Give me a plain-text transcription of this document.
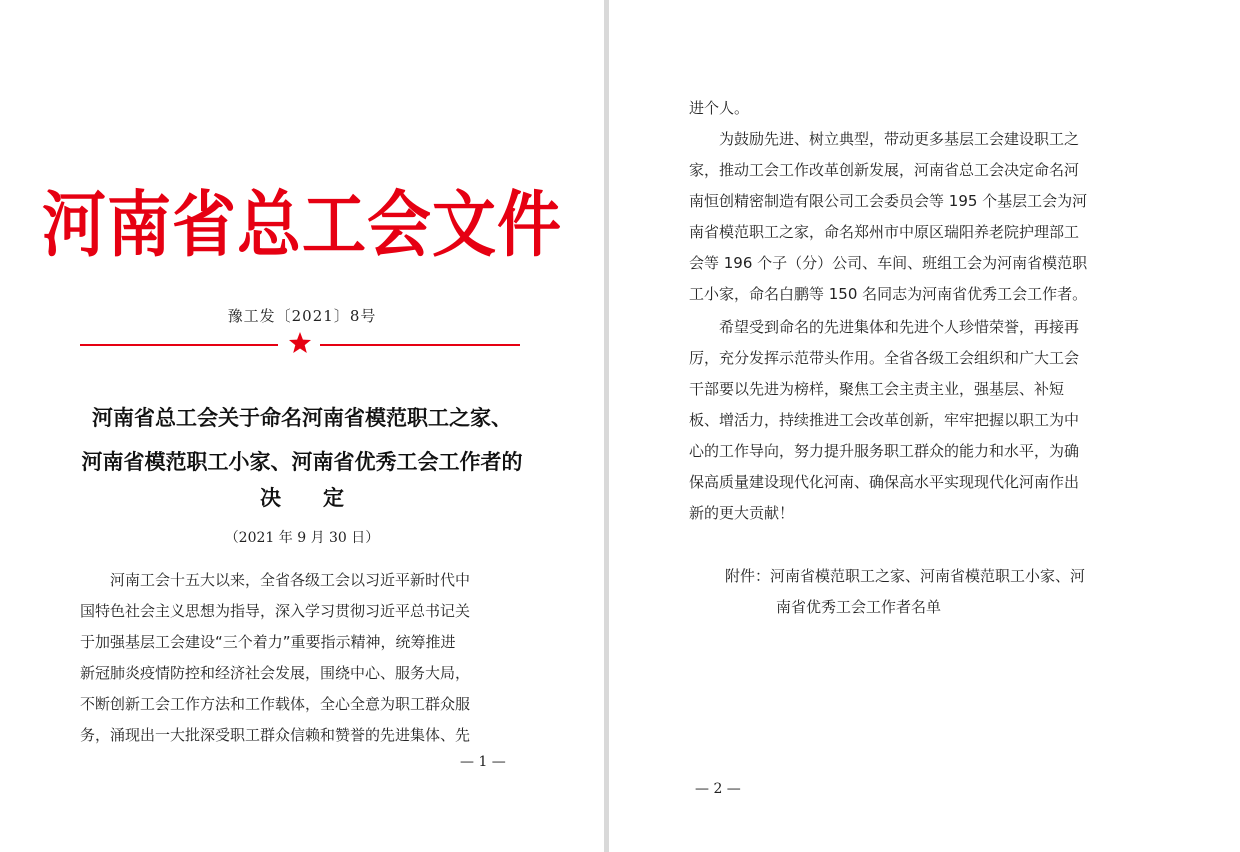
河南省总工会文件
豫工发〔2021〕8号
河南省总工会关于命名河南省模范职工之家、
河南省模范职工小家、河南省优秀工会工作者的
决　　定
（2021 年 9 月 30 日）
河南工会十五大以来，全省各级工会以习近平新时代中
国特色社会主义思想为指导，深入学习贯彻习近平总书记关
于加强基层工会建设“三个着力”重要指示精神，统筹推进
新冠肺炎疫情防控和经济社会发展，围绕中心、服务大局，
不断创新工会工作方法和工作载体，全心全意为职工群众服
务，涌现出一大批深受职工群众信赖和赞誉的先进集体、先
— 1 —
进个人。
为鼓励先进、树立典型，带动更多基层工会建设职工之
家，推动工会工作改革创新发展，河南省总工会决定命名河
南恒创精密制造有限公司工会委员会等 195 个基层工会为河
南省模范职工之家，命名郑州市中原区瑞阳养老院护理部工
会等 196 个子（分）公司、车间、班组工会为河南省模范职
工小家，命名白鹏等 150 名同志为河南省优秀工会工作者。
希望受到命名的先进集体和先进个人珍惜荣誉，再接再
厉，充分发挥示范带头作用。全省各级工会组织和广大工会
干部要以先进为榜样，聚焦工会主责主业，强基层、补短
板、增活力，持续推进工会改革创新，牢牢把握以职工为中
心的工作导向，努力提升服务职工群众的能力和水平，为确
保高质量建设现代化河南、确保高水平实现现代化河南作出
新的更大贡献！
附件：河南省模范职工之家、河南省模范职工小家、河
南省优秀工会工作者名单
— 2 —
